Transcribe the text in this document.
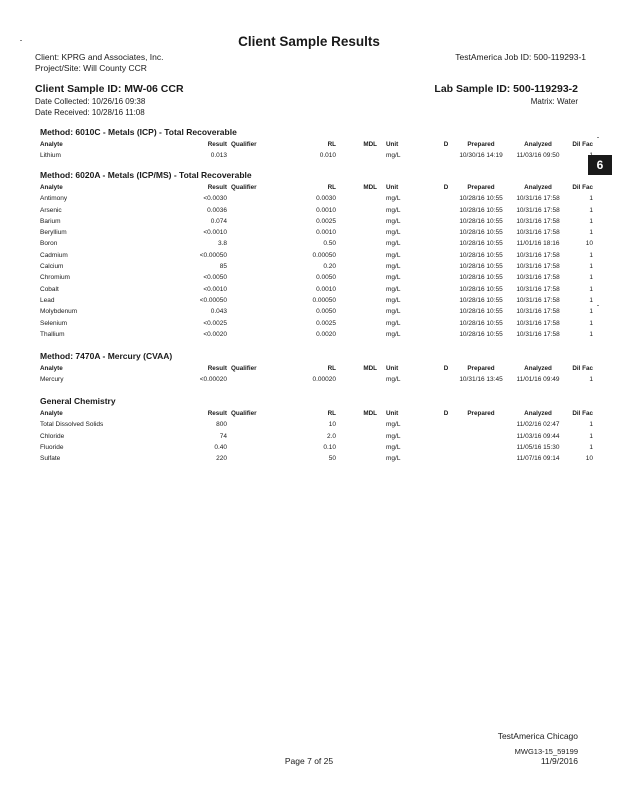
Client Sample Results
Client: KPRG and Associates, Inc.
Project/Site: Will County CCR
TestAmerica Job ID: 500-119293-1
Client Sample ID: MW-06 CCR	Lab Sample ID: 500-119293-2
Date Collected: 10/26/16 09:38	Matrix: Water
Date Received: 10/28/16 11:08
6
Method: 6010C - Metals (ICP) - Total Recoverable
Analyte	Result	Qualifier	RL	MDL	Unit	D	Prepared	Analyzed	Dil Fac
Lithium	0.013		0.010		mg/L		10/30/16 14:19	11/03/16 09:50	1
Method: 6020A - Metals (ICP/MS) - Total Recoverable
Analyte	Result	Qualifier	RL	MDL	Unit	D	Prepared	Analyzed	Dil Fac
Antimony	<0.0030		0.0030		mg/L		10/28/16 10:55	10/31/16 17:58	1
Arsenic	0.0036		0.0010		mg/L		10/28/16 10:55	10/31/16 17:58	1
Barium	0.074		0.0025		mg/L		10/28/16 10:55	10/31/16 17:58	1
Beryllium	<0.0010		0.0010		mg/L		10/28/16 10:55	10/31/16 17:58	1
Boron	3.8		0.50		mg/L		10/28/16 10:55	11/01/16 18:16	10
Cadmium	<0.00050		0.00050		mg/L		10/28/16 10:55	10/31/16 17:58	1
Calcium	85		0.20		mg/L		10/28/16 10:55	10/31/16 17:58	1
Chromium	<0.0050		0.0050		mg/L		10/28/16 10:55	10/31/16 17:58	1
Cobalt	<0.0010		0.0010		mg/L		10/28/16 10:55	10/31/16 17:58	1
Lead	<0.00050		0.00050		mg/L		10/28/16 10:55	10/31/16 17:58	1
Molybdenum	0.043		0.0050		mg/L		10/28/16 10:55	10/31/16 17:58	1
Selenium	<0.0025		0.0025		mg/L		10/28/16 10:55	10/31/16 17:58	1
Thallium	<0.0020		0.0020		mg/L		10/28/16 10:55	10/31/16 17:58	1
Method: 7470A - Mercury (CVAA)
Analyte	Result	Qualifier	RL	MDL	Unit	D	Prepared	Analyzed	Dil Fac
Mercury	<0.00020		0.00020		mg/L		10/31/16 13:45	11/01/16 09:49	1
General Chemistry
Analyte	Result	Qualifier	RL	MDL	Unit	D	Prepared	Analyzed	Dil Fac
Total Dissolved Solids	800		10		mg/L			11/02/16 02:47	1
Chloride	74		2.0		mg/L			11/03/16 09:44	1
Fluoride	0.40		0.10		mg/L			11/05/16 15:30	1
Sulfate	220		50		mg/L			11/07/16 09:14	10
TestAmerica Chicago
MWG13-15_59199
Page 7 of 25	11/9/2016
